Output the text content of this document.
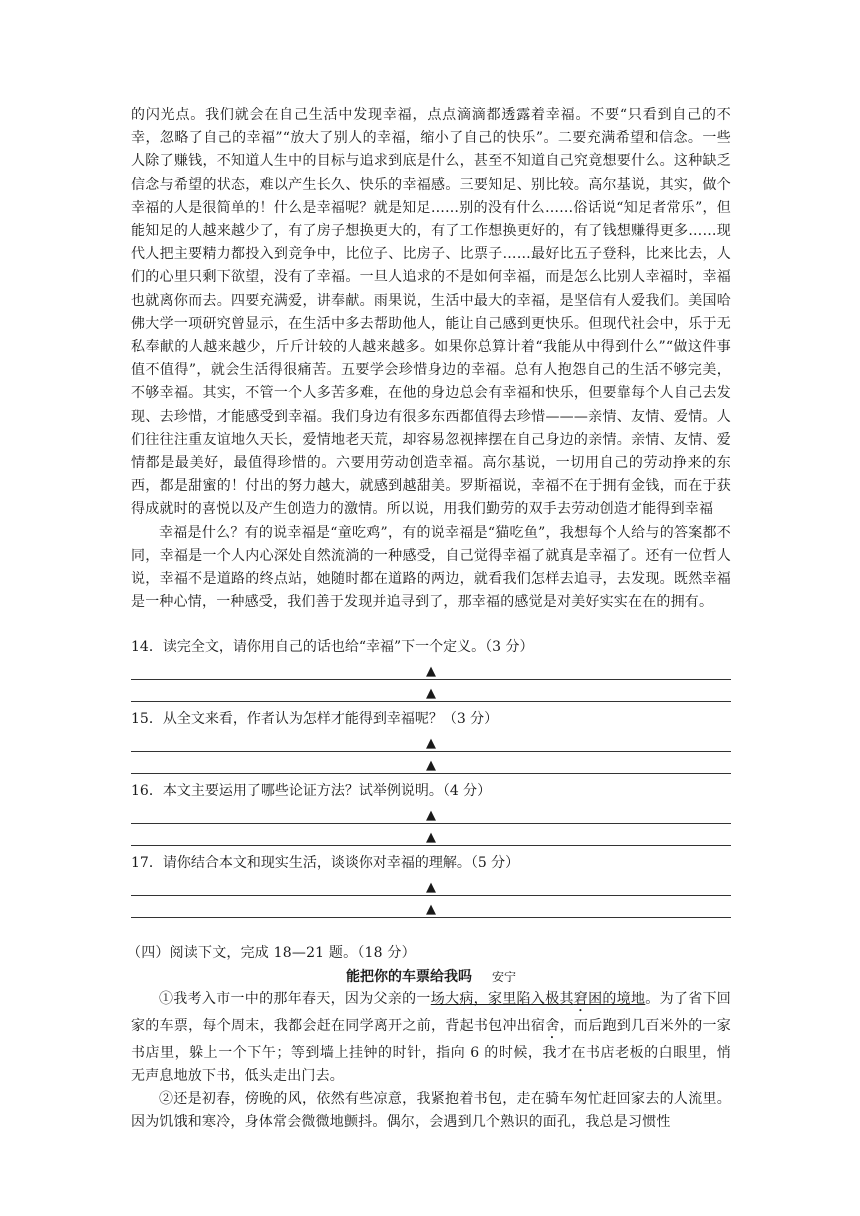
的闪光点。我们就会在自己生活中发现幸福，点点滴滴都透露着幸福。不要“只看到自己的不幸，忽略了自己的幸福”“放大了别人的幸福，缩小了自己的快乐”。二要充满希望和信念。一些人除了赚钱，不知道人生中的目标与追求到底是什么，甚至不知道自己究竟想要什么。这种缺乏信念与希望的状态，难以产生长久、快乐的幸福感。三要知足、别比较。高尔基说，其实，做个幸福的人是很简单的！什么是幸福呢？就是知足……别的没有什么……俗话说“知足者常乐”，但能知足的人越来越少了，有了房子想换更大的，有了工作想换更好的，有了钱想赚得更多……现代人把主要精力都投入到竞争中，比位子、比房子、比票子……最好比五子登科，比来比去，人们的心里只剩下欲望，没有了幸福。一旦人追求的不是如何幸福，而是怎么比别人幸福时，幸福也就离你而去。四要充满爱，讲奉献。雨果说，生活中最大的幸福，是坚信有人爱我们。美国哈佛大学一项研究曾显示，在生活中多去帮助他人，能让自己感到更快乐。但现代社会中，乐于无私奉献的人越来越少，斤斤计较的人越来越多。如果你总算计着“我能从中得到什么”“做这件事值不值得”，就会生活得很痛苦。五要学会珍惜身边的幸福。总有人抱怨自己的生活不够完美，不够幸福。其实，不管一个人多苦多难，在他的身边总会有幸福和快乐，但要靠每个人自己去发现、去珍惜，才能感受到幸福。我们身边有很多东西都值得去珍惜———亲情、友情、爱情。人们往往注重友谊地久天长，爱情地老天荒，却容易忽视摔摆在自己身边的亲情。亲情、友情、爱情都是最美好，最值得珍惜的。六要用劳动创造幸福。高尔基说，一切用自己的劳动挣来的东西，都是甜蜜的！付出的努力越大，就感到越甜美。罗斯福说，幸福不在于拥有金钱，而在于获得成就时的喜悦以及产生创造力的激情。所以说，用我们勤劳的双手去劳动创造才能得到幸福

幸福是什么？有的说幸福是“童吃鸡”，有的说幸福是“猫吃鱼”，我想每个人给与的答案都不同，幸福是一个人内心深处自然流淌的一种感受，自己觉得幸福了就真是幸福了。还有一位哲人说，幸福不是道路的终点站，她随时都在道路的两边，就看我们怎样去追寻，去发现。既然幸福是一种心情，一种感受，我们善于发现并追寻到了，那幸福的感觉是对美好实实在在的拥有。

14．读完全文，请你用自己的话也给“幸福”下一个定义。（3 分）

▲
▲

15．从全文来看，作者认为怎样才能得到幸福呢？（3 分）

▲
▲

16．本文主要运用了哪些论证方法？试举例说明。（4 分）

▲
▲

17．请你结合本文和现实生活，谈谈你对幸福的理解。（5 分）

▲
▲

（四）阅读下文，完成 18—21 题。（18 分）

能把你的车票给我吗 安宁

①我考入市一中的那年春天，因为父亲的一场大病，家里陷入极其窘困的境地。为了省下回家的车票，每个周末，我都会赶在同学离开之前，背起书包冲出宿舍，而后跑到几百米外的一家书店里，躲上一个下午；等到墙上挂钟的时针，指向 6 的时候，我才在书店老板的白眼里，悄无声息地放下书，低头走出门去。

②还是初春，傍晚的风，依然有些凉意，我紧抱着书包，走在骑车匆忙赶回家去的人流里。因为饥饿和寒冷，身体常会微微地颤抖。偶尔，会遇到几个熟识的面孔，我总是习惯性
